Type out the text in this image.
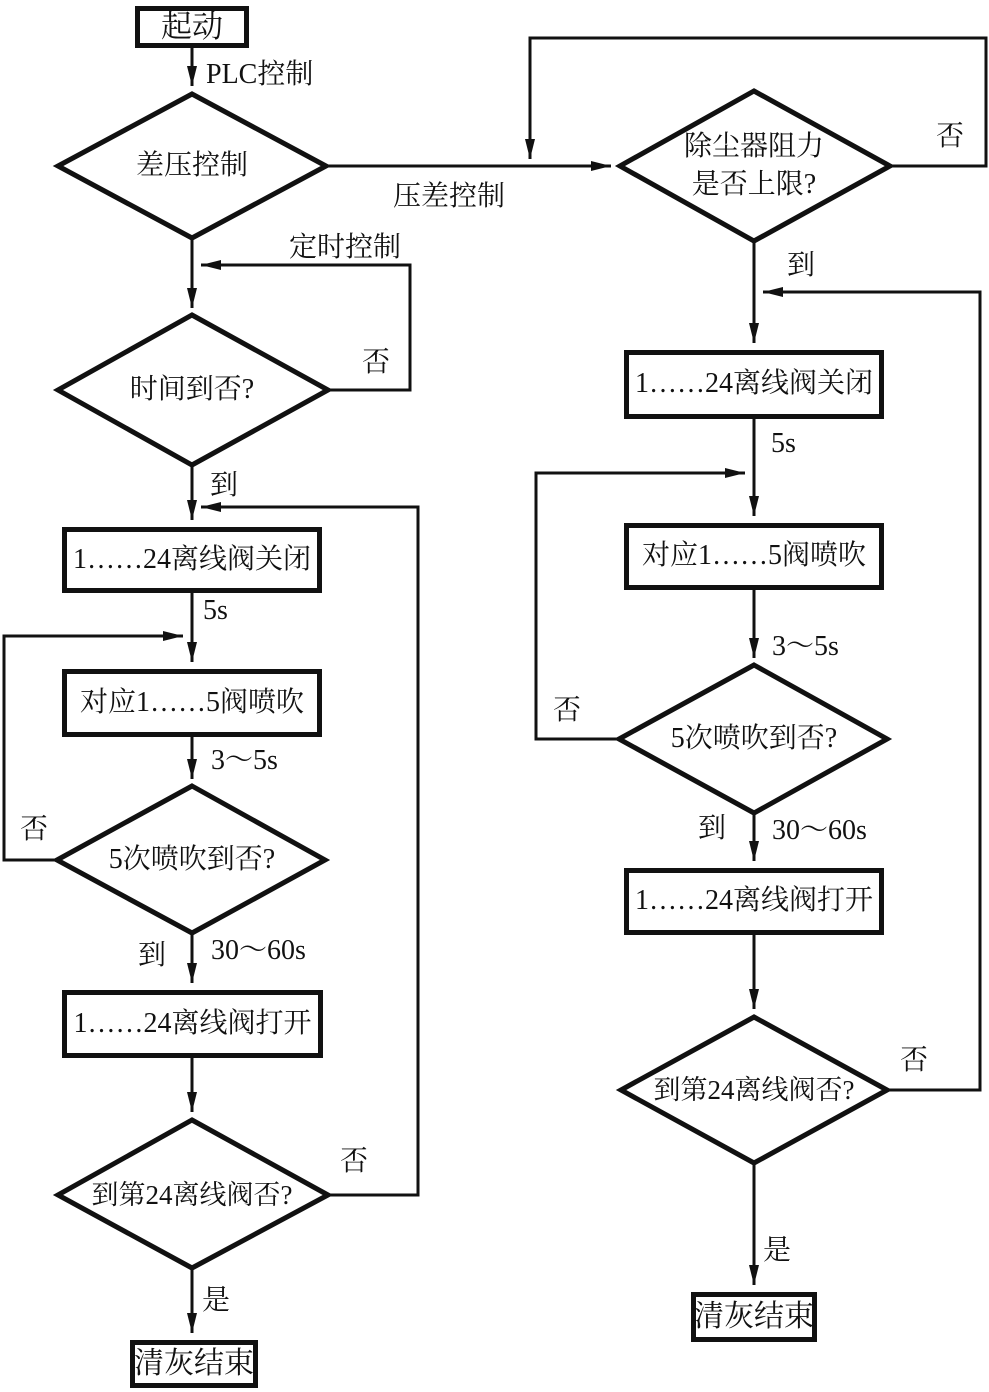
起动
1……24离线阀关闭
对应1……5阀喷吹
1……24离线阀打开
清灰结束
1……24离线阀关闭
对应1……5阀喷吹
1……24离线阀打开
清灰结束
差压控制
时间到否?
5次喷吹到否?
到第24离线阀否?
除尘器阻力
是否上限?
5次喷吹到否?
到第24离线阀否?
PLC控制
压差控制
定时控制
否
到
5s
3～5s
否
到 30～60s
否
是
否
到
5s
3～5s
否
到 30～60s
否
是
